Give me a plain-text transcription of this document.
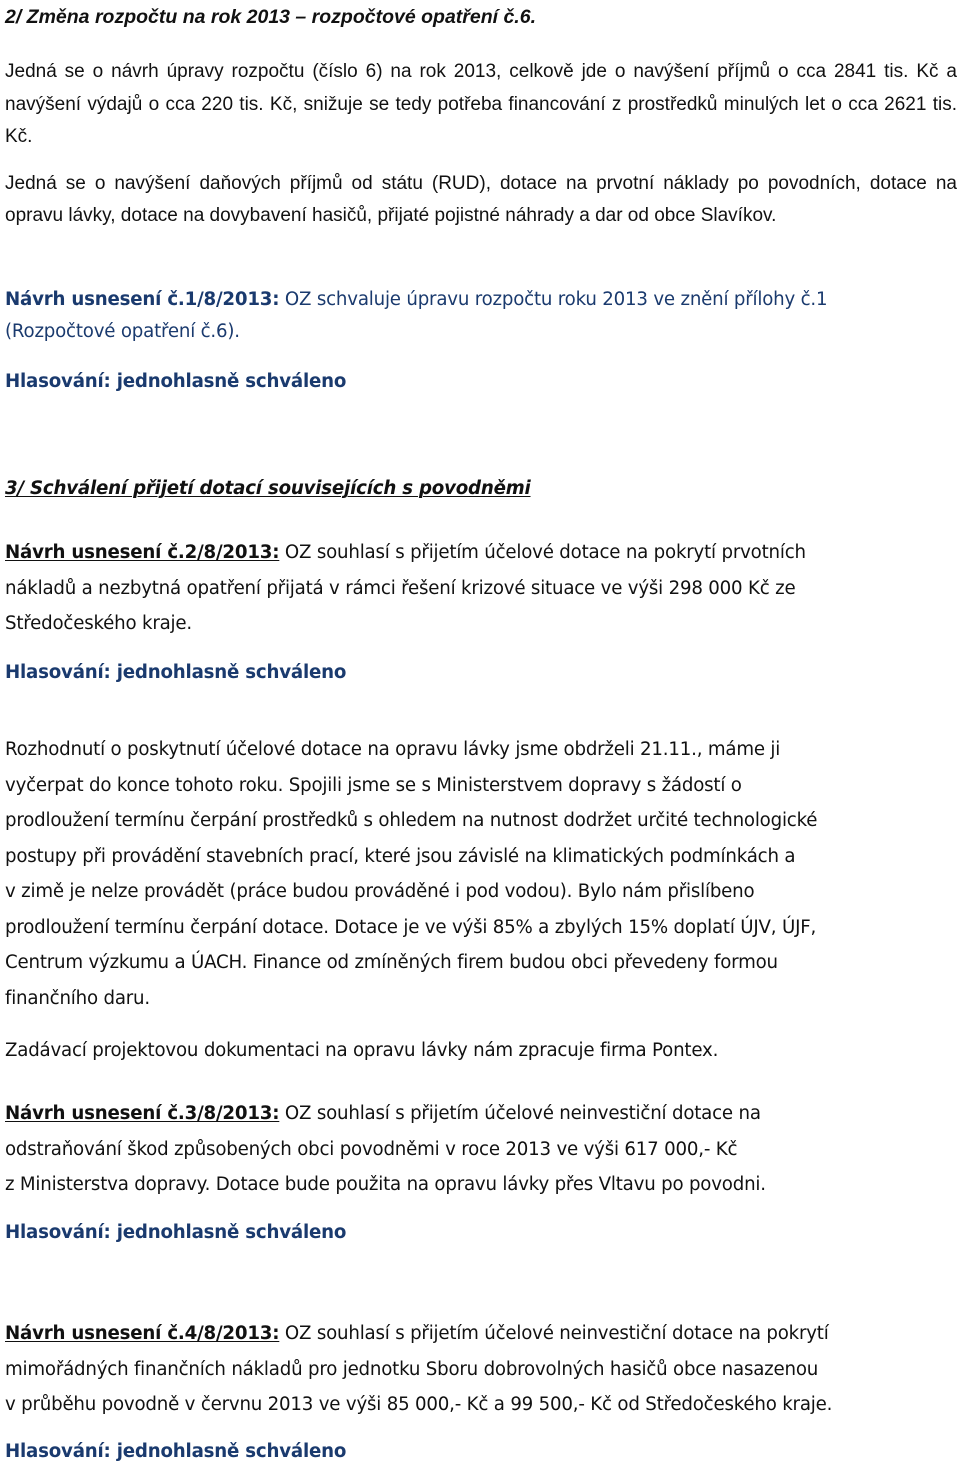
2/ Změna rozpočtu na rok 2013 – rozpočtové opatření č.6.

Jedná se o návrh úpravy rozpočtu (číslo 6) na rok 2013, celkově jde o navýšení příjmů o cca 2841 tis. Kč a navýšení výdajů o cca 220 tis. Kč, snižuje se tedy potřeba financování z prostředků minulých let o cca 2621 tis. Kč.

Jedná se o navýšení daňových příjmů od státu (RUD), dotace na prvotní náklady po povodních, dotace na opravu lávky, dotace na dovybavení hasičů, přijaté pojistné náhrady a dar od obce Slavíkov.

Návrh usnesení č.1/8/2013: OZ schvaluje úpravu rozpočtu roku 2013 ve znění přílohy č.1
(Rozpočtové opatření č.6).

Hlasování: jednohlasně schváleno

3/ Schválení přijetí dotací souvisejících s povodněmi

Návrh usnesení č.2/8/2013: OZ souhlasí s přijetím účelové dotace na pokrytí prvotních
nákladů a nezbytná opatření přijatá v rámci řešení krizové situace ve výši 298 000 Kč ze
Středočeského kraje.

Hlasování: jednohlasně schváleno

Rozhodnutí o poskytnutí účelové dotace na opravu lávky jsme obdrželi 21.11., máme ji
vyčerpat do konce tohoto roku. Spojili jsme se s Ministerstvem dopravy s žádostí o
prodloužení termínu čerpání prostředků s ohledem na nutnost dodržet určité technologické
postupy při provádění stavebních prací, které jsou závislé na klimatických podmínkách a
v zimě je nelze provádět (práce budou prováděné i pod vodou). Bylo nám přislíbeno
prodloužení termínu čerpání dotace. Dotace je ve výši 85% a zbylých 15% doplatí ÚJV, ÚJF,
Centrum výzkumu a ÚACH. Finance od zmíněných firem budou obci převedeny formou
finančního daru.

Zadávací projektovou dokumentaci na opravu lávky nám zpracuje firma Pontex.

Návrh usnesení č.3/8/2013: OZ souhlasí s přijetím účelové neinvestiční dotace na
odstraňování škod způsobených obci povodněmi v roce 2013 ve výši 617 000,- Kč
z Ministerstva dopravy. Dotace bude použita na opravu lávky přes Vltavu po povodni.

Hlasování: jednohlasně schváleno

Návrh usnesení č.4/8/2013: OZ souhlasí s přijetím účelové neinvestiční dotace na pokrytí
mimořádných finančních nákladů pro jednotku Sboru dobrovolných hasičů obce nasazenou
v průběhu povodně v červnu 2013 ve výši 85 000,- Kč a 99 500,- Kč od Středočeského kraje.

Hlasování: jednohlasně schváleno
